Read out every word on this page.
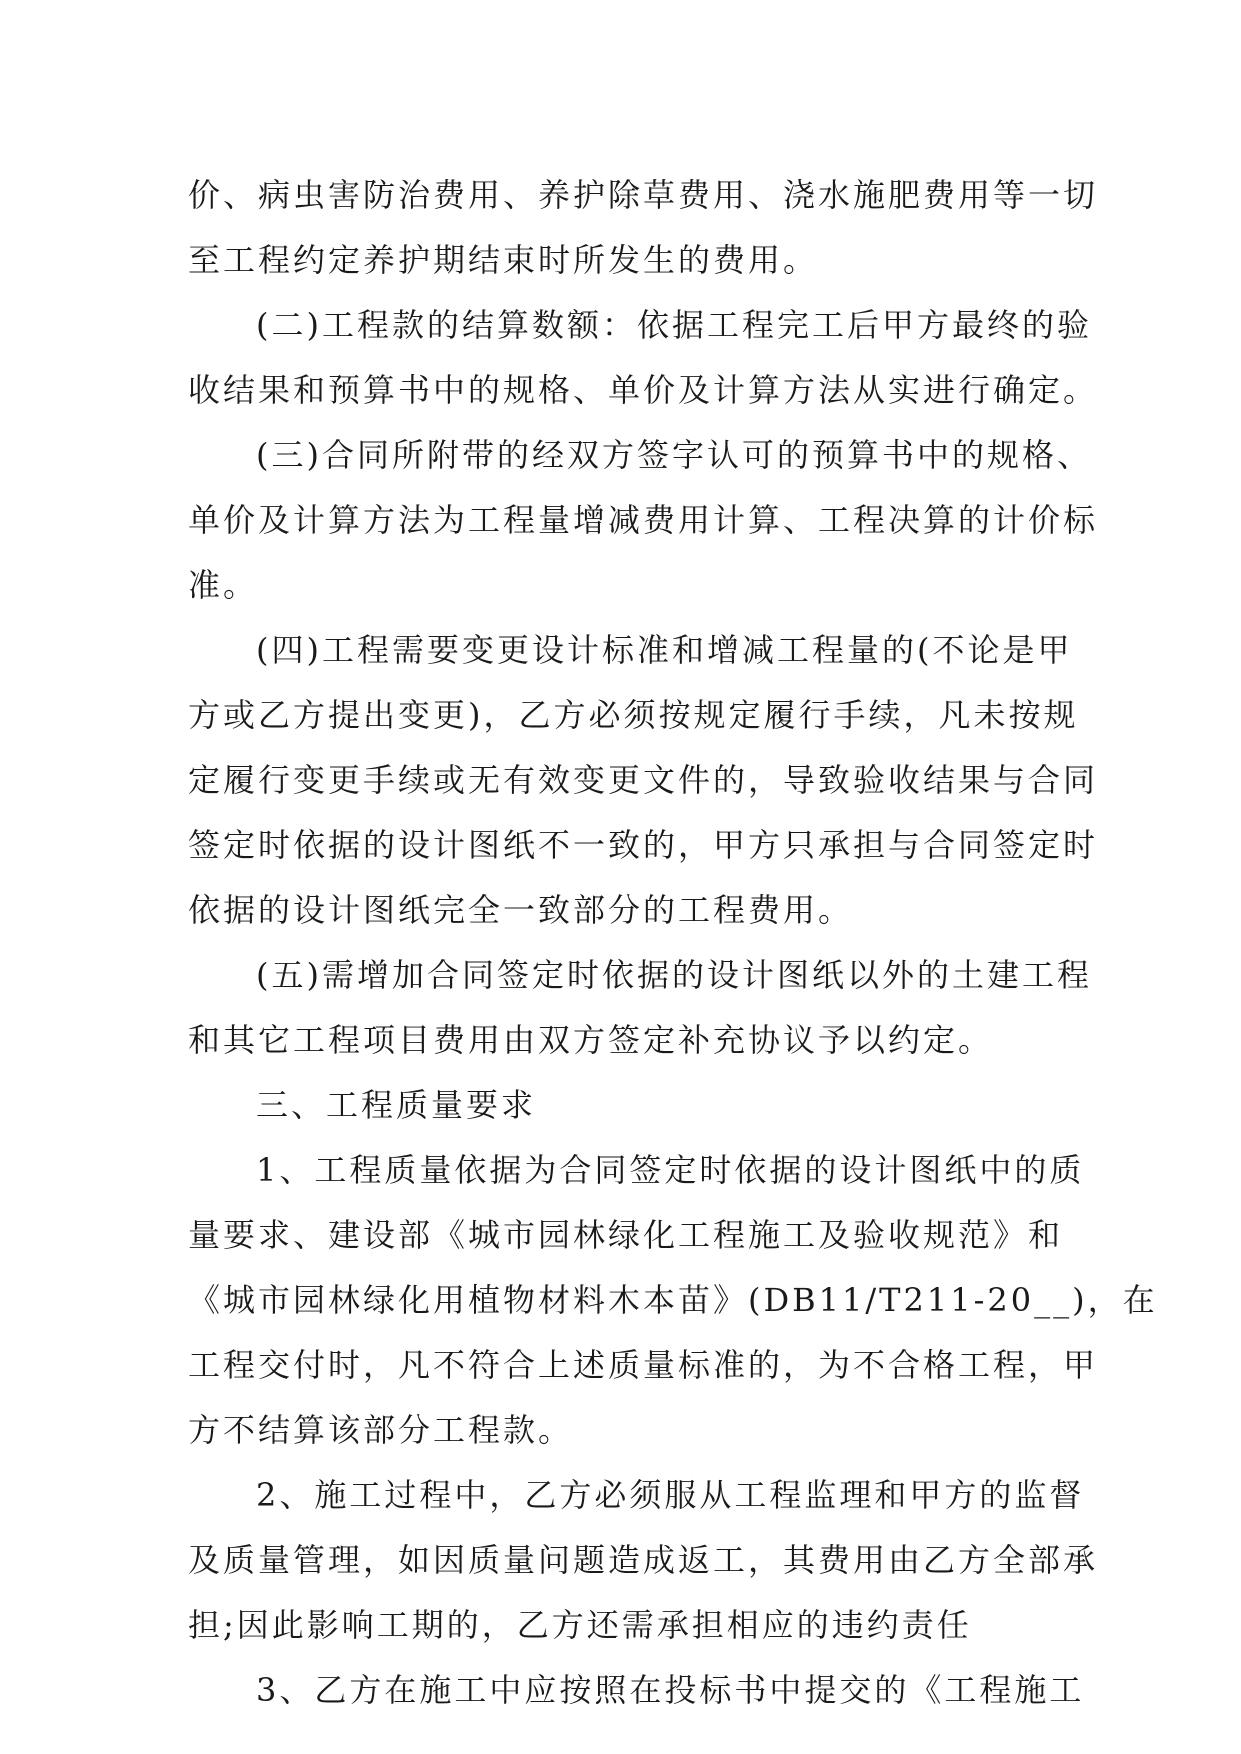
价、病虫害防治费用、养护除草费用、浇水施肥费用等一切

至工程约定养护期结束时所发生的费用。

(二)工程款的结算数额：依据工程完工后甲方最终的验

收结果和预算书中的规格、单价及计算方法从实进行确定。

(三)合同所附带的经双方签字认可的预算书中的规格、

单价及计算方法为工程量增减费用计算、工程决算的计价标

准。

(四)工程需要变更设计标准和增减工程量的(不论是甲

方或乙方提出变更)，乙方必须按规定履行手续，凡未按规

定履行变更手续或无有效变更文件的，导致验收结果与合同

签定时依据的设计图纸不一致的，甲方只承担与合同签定时

依据的设计图纸完全一致部分的工程费用。

(五)需增加合同签定时依据的设计图纸以外的土建工程

和其它工程项目费用由双方签定补充协议予以约定。

三、工程质量要求

1、工程质量依据为合同签定时依据的设计图纸中的质

量要求、建设部《城市园林绿化工程施工及验收规范》和

《城市园林绿化用植物材料木本苗》(DB11/T211-20__)，在

工程交付时，凡不符合上述质量标准的，为不合格工程，甲

方不结算该部分工程款。

2、施工过程中，乙方必须服从工程监理和甲方的监督

及质量管理，如因质量问题造成返工，其费用由乙方全部承

担;因此影响工期的，乙方还需承担相应的违约责任

3、乙方在施工中应按照在投标书中提交的《工程施工
